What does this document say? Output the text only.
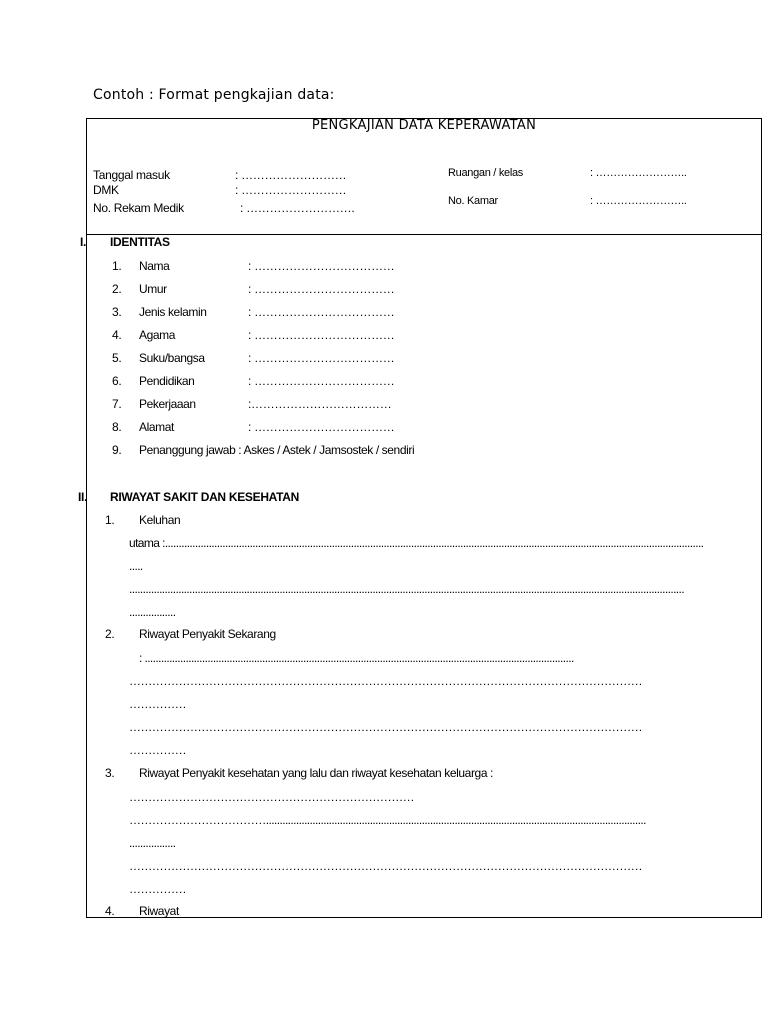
Contoh : Format pengkajian data:
PENGKAJIAN DATA KEPERAWATAN
Tanggal masuk	: ………………………
DMK	: ………………………
No. Rekam Medik	: ……………………….
Ruangan / kelas	: ……………………..
No. Kamar	: ……………………..
I. IDENTITAS
1. Nama	: ………………………………
2. Umur	: ………………………………
3. Jenis kelamin	: ………………………………
4. Agama	: ………………………………
5. Suku/bangsa	: ………………………………
6. Pendidikan	: ………………………………
7. Pekerjaaan	:………………………………
8. Alamat	: ………………………………
9. Penanggung jawab : Askes / Astek / Jamsostek / sendiri
II. RIWAYAT SAKIT DAN KESEHATAN
1. Keluhan
utama :.....................................................................................................................................................................................................
.....
...........................................................................................................................................................................................................
.................
2. Riwayat Penyakit Sekarang
: .............................................................................................................................................................
………………………………………………………………………………………………………………………
……………
………………………………………………………………………………………………………………………
……………
3. Riwayat Penyakit kesehatan yang lalu dan riwayat kesehatan keluarga :
…………………………………………………………………
………………………………...........................................................................................................................................
.................
………………………………………………………………………………………………………………………
……………
4. Riwayat
